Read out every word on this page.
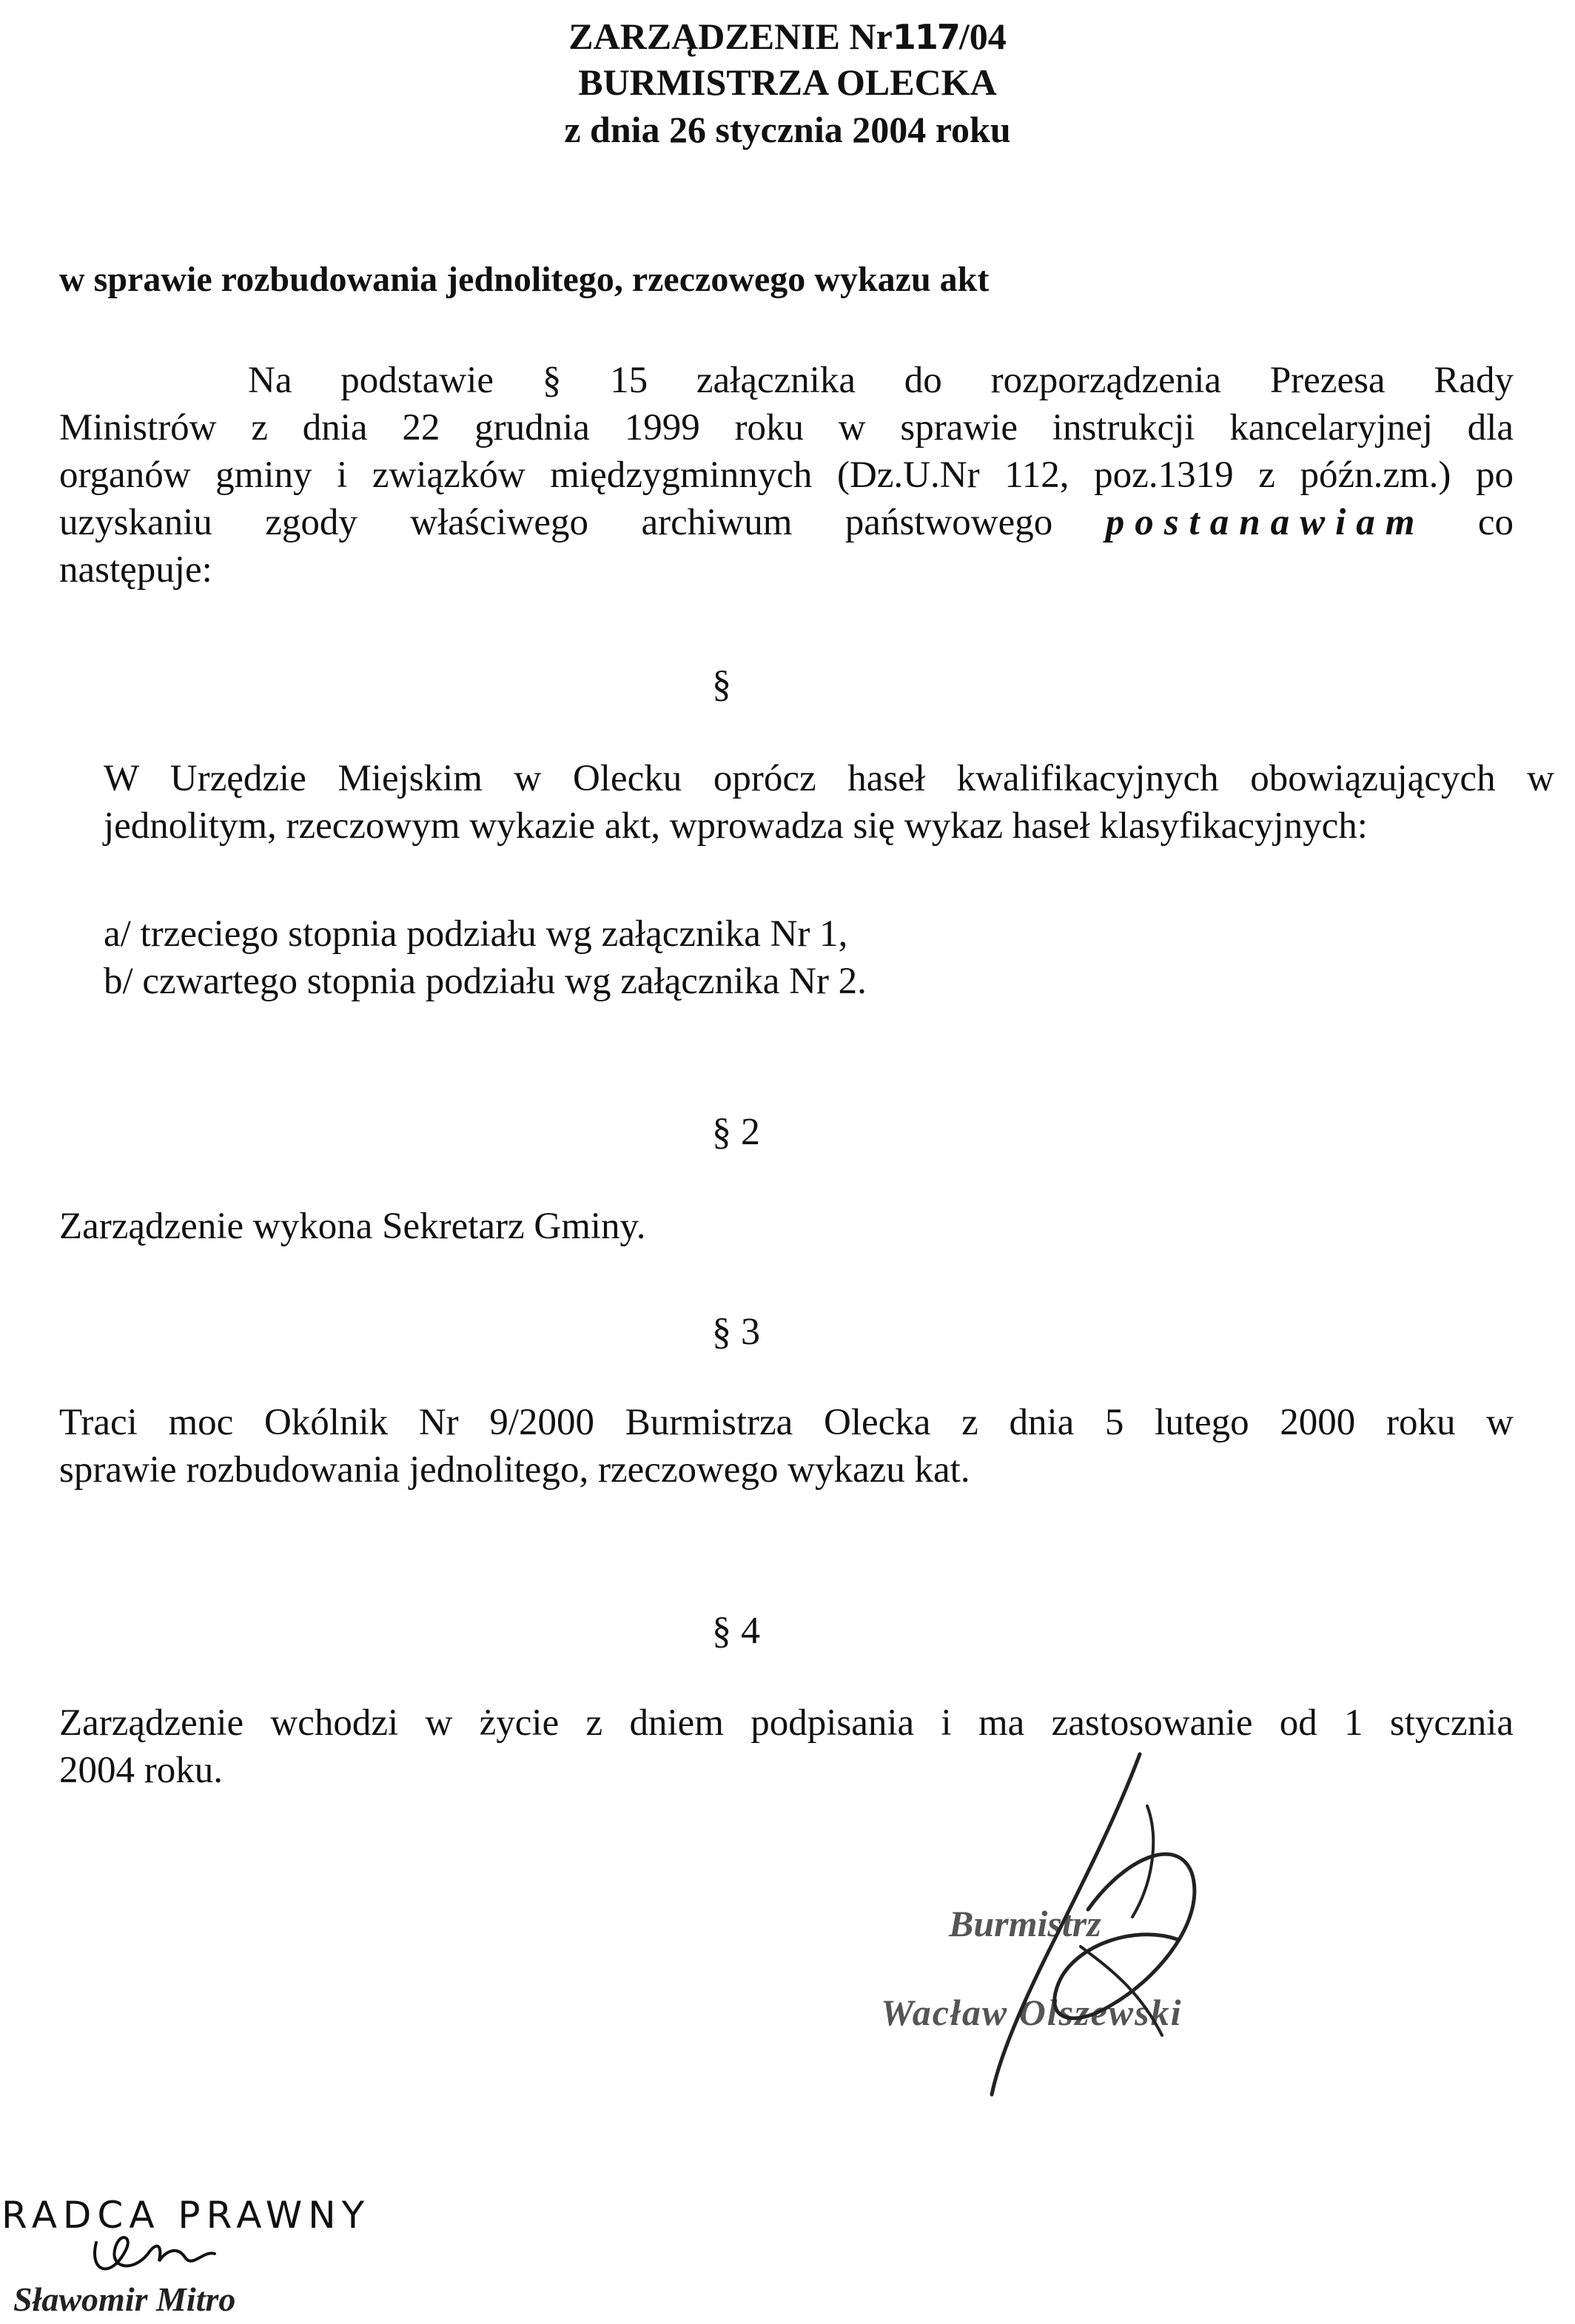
ZARZĄDZENIE Nr117/04
BURMISTRZA OLECKA
z dnia 26 stycznia 2004 roku
w sprawie rozbudowania jednolitego, rzeczowego wykazu akt
Na podstawie § 15 załącznika do rozporządzenia Prezesa Rady
Ministrów z dnia 22 grudnia 1999 roku w sprawie instrukcji kancelaryjnej dla
organów gminy i związków międzygminnych (Dz.U.Nr 112, poz.1319 z późn.zm.) po
uzyskaniu zgody właściwego archiwum państwowego postanawiam co
następuje:
§
W Urzędzie Miejskim w Olecku oprócz haseł kwalifikacyjnych obowiązujących w
jednolitym, rzeczowym wykazie akt, wprowadza się wykaz haseł klasyfikacyjnych:
a/ trzeciego stopnia podziału wg załącznika Nr 1,
b/ czwartego stopnia podziału wg załącznika Nr 2.
§ 2
Zarządzenie wykona Sekretarz Gminy.
§ 3
Traci moc Okólnik Nr 9/2000 Burmistrza Olecka z dnia 5 lutego 2000 roku w
sprawie rozbudowania jednolitego, rzeczowego wykazu kat.
§ 4
Zarządzenie wchodzi w życie z dniem podpisania i ma zastosowanie od 1 stycznia
2004 roku.
Burmistrz
Wacław Olszewski
RADCA PRAWNY
Sławomir Mitro
